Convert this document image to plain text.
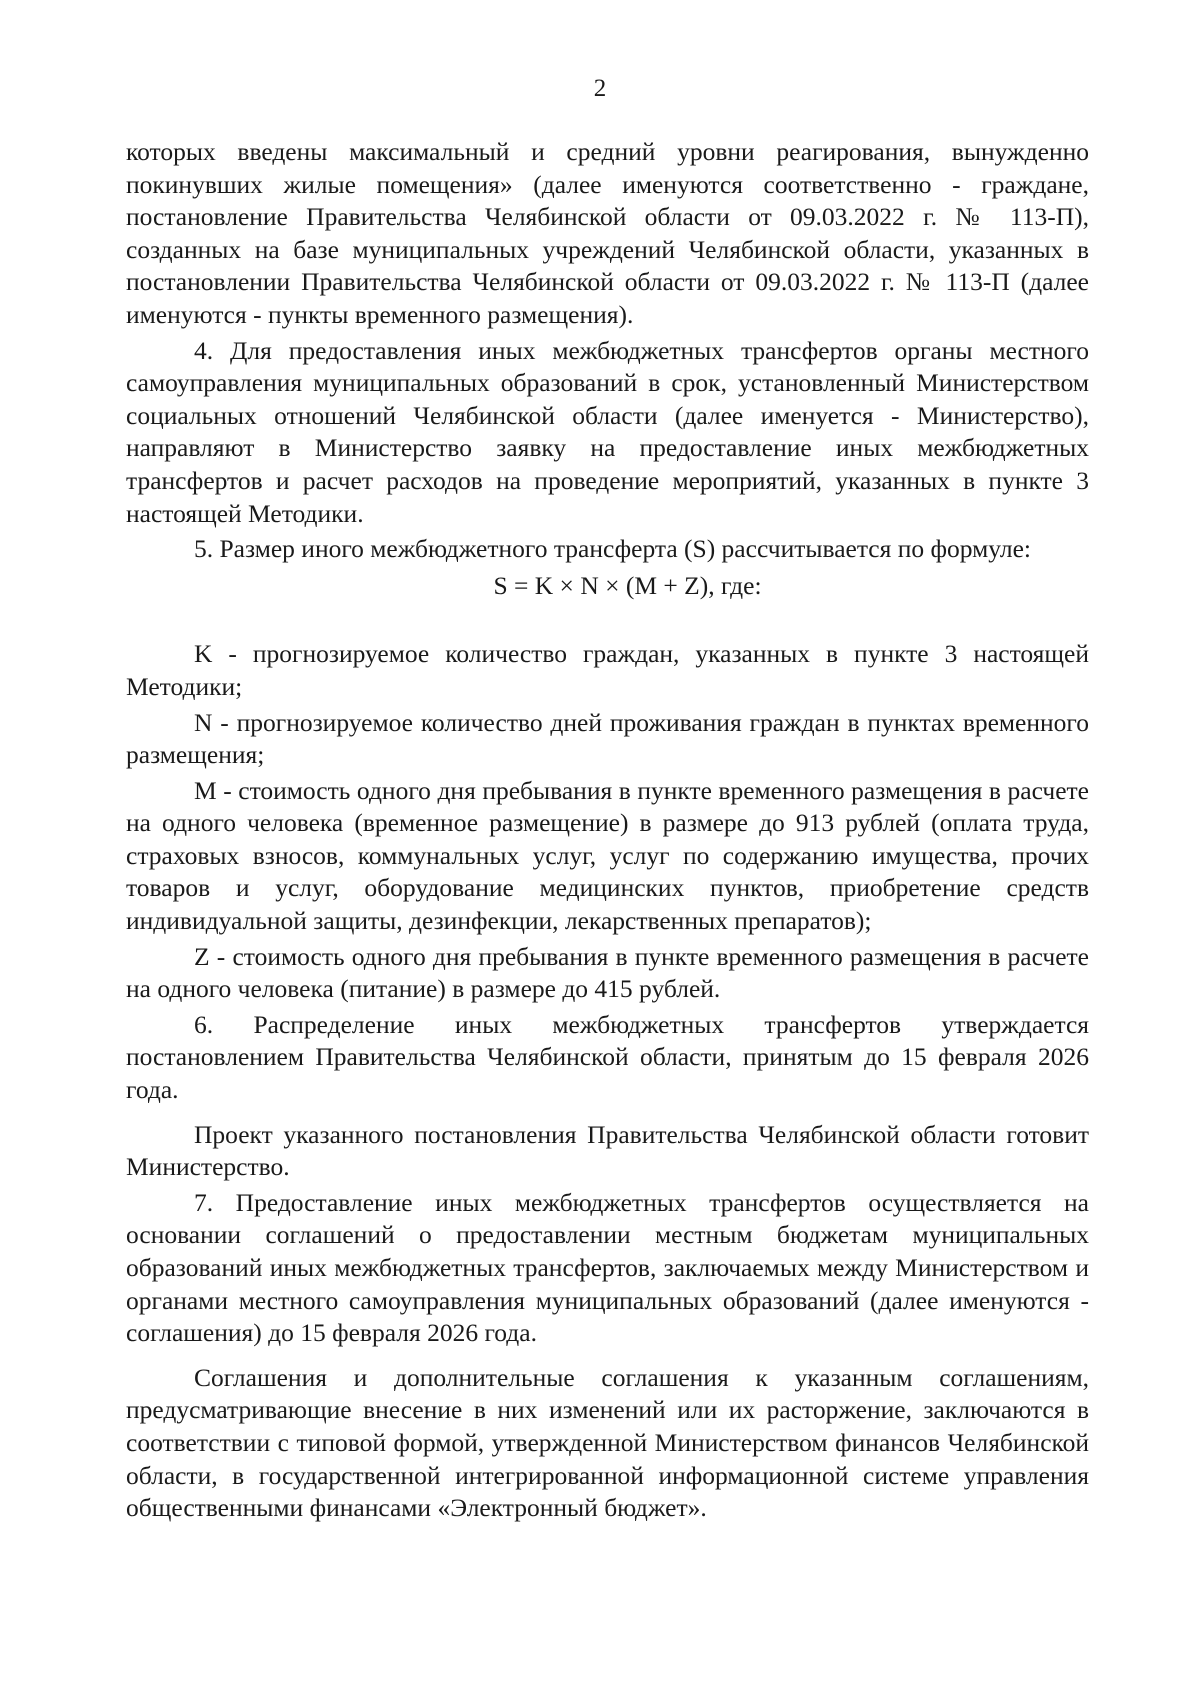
2

которых введены максимальный и средний уровни реагирования, вынужденно покинувших жилые помещения» (далее именуются соответственно - граждане, постановление Правительства Челябинской области от 09.03.2022 г. № 113-П), созданных на базе муниципальных учреждений Челябинской области, указанных в постановлении Правительства Челябинской области от 09.03.2022 г. № 113-П (далее именуются - пункты временного размещения).

4. Для предоставления иных межбюджетных трансфертов органы местного самоуправления муниципальных образований в срок, установленный Министерством социальных отношений Челябинской области (далее именуется - Министерство), направляют в Министерство заявку на предоставление иных межбюджетных трансфертов и расчет расходов на проведение мероприятий, указанных в пункте 3 настоящей Методики.

5. Размер иного межбюджетного трансферта (S) рассчитывается по формуле:

S = K × N × (M + Z), где:

K - прогнозируемое количество граждан, указанных в пункте 3 настоящей Методики;

N - прогнозируемое количество дней проживания граждан в пунктах временного размещения;

M - стоимость одного дня пребывания в пункте временного размещения в расчете на одного человека (временное размещение) в размере до 913 рублей (оплата труда, страховых взносов, коммунальных услуг, услуг по содержанию имущества, прочих товаров и услуг, оборудование медицинских пунктов, приобретение средств индивидуальной защиты, дезинфекции, лекарственных препаратов);

Z - стоимость одного дня пребывания в пункте временного размещения в расчете на одного человека (питание) в размере до 415 рублей.

6. Распределение иных межбюджетных трансфертов утверждается постановлением Правительства Челябинской области, принятым до 15 февраля 2026 года.

Проект указанного постановления Правительства Челябинской области готовит Министерство.

7. Предоставление иных межбюджетных трансфертов осуществляется на основании соглашений о предоставлении местным бюджетам муниципальных образований иных межбюджетных трансфертов, заключаемых между Министерством и органами местного самоуправления муниципальных образований (далее именуются - соглашения) до 15 февраля 2026 года.

Соглашения и дополнительные соглашения к указанным соглашениям, предусматривающие внесение в них изменений или их расторжение, заключаются в соответствии с типовой формой, утвержденной Министерством финансов Челябинской области, в государственной интегрированной информационной системе управления общественными финансами «Электронный бюджет».
